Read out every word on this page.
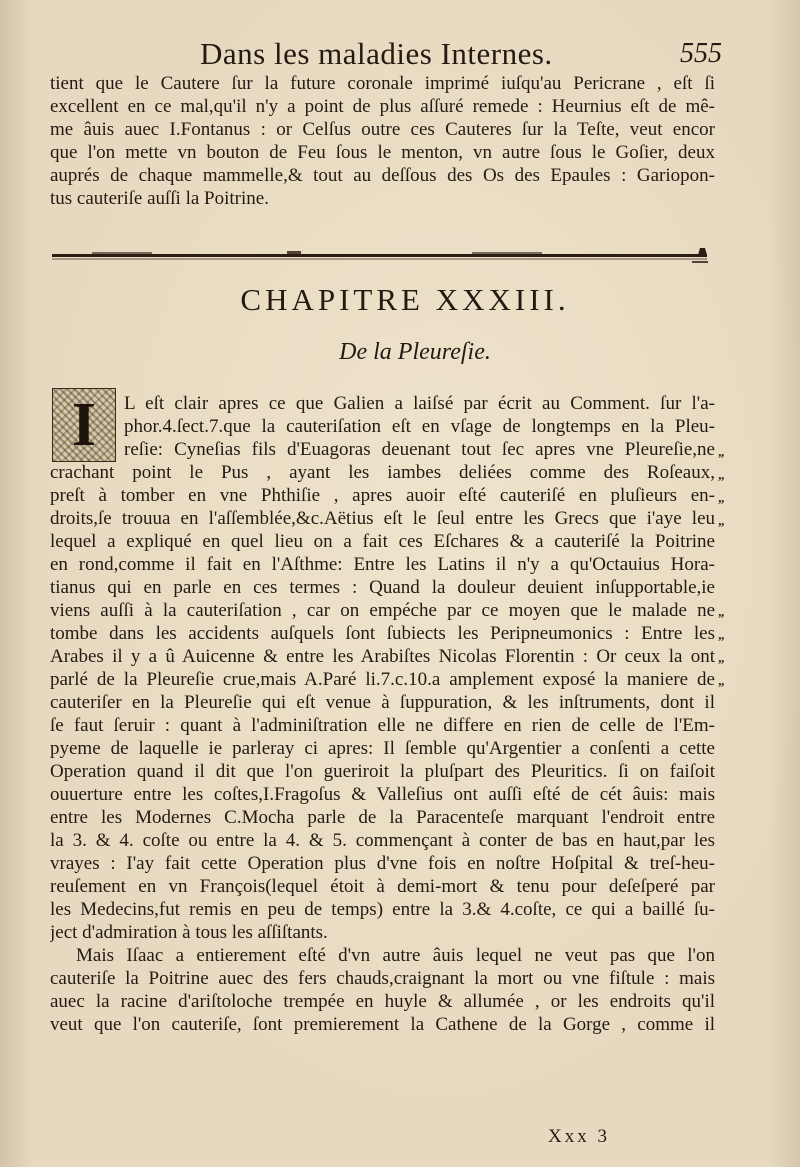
Dans les maladies Internes.	555
tient que le Cautere ſur la future coronale imprimé iuſqu'au Pericrane , eſt ſi
excellent en ce mal,qu'il n'y a point de plus aſſuré remede : Heurnius eſt de mê-
me âuis auec I.Fontanus : or Celſus outre ces Cauteres ſur la Teſte, veut encor
que l'on mette vn bouton de Feu ſous le menton, vn autre ſous le Goſier, deux
auprés de chaque mammelle,& tout au deſſous des Os des Epaules : Gariopon-
tus cauteriſe auſſi la Poitrine.
CHAPITRE XXXIII.
De la Pleureſie.
I	L eſt clair apres ce que Galien a laiſsé par écrit au Comment. ſur l'a-
phor.4.ſect.7.que la cauteriſation eſt en vſage de longtemps en la Pleu-
reſie: Cyneſias fils d'Euagoras deuenant tout ſec apres vne Pleureſie,ne
crachant point le Pus , ayant les iambes deliées comme des Roſeaux,
preſt à tomber en vne Phthiſie , apres auoir eſté cauteriſé en pluſieurs en-
droits,ſe trouua en l'aſſemblée,&c.Aëtius eſt le ſeul entre les Grecs que i'aye leu
lequel a expliqué en quel lieu on a fait ces Eſchares & a cauteriſé la Poitrine
en rond,comme il fait en l'Aſthme: Entre les Latins il n'y a qu'Octauius Hora-
tianus qui en parle en ces termes : Quand la douleur deuient inſupportable,ie
viens auſſi à la cauteriſation , car on empéche par ce moyen que le malade ne
tombe dans les accidents auſquels ſont ſubiects les Peripneumonics : Entre les
Arabes il y a û Auicenne & entre les Arabiſtes Nicolas Florentin : Or ceux la ont
parlé de la Pleureſie crue,mais A.Paré li.7.c.10.a amplement exposé la maniere de
cauteriſer en la Pleureſie qui eſt venue à ſuppuration, & les inſtruments, dont il
ſe faut ſeruir : quant à l'adminiſtration elle ne differe en rien de celle de l'Em-
pyeme de laquelle ie parleray ci apres: Il ſemble qu'Argentier a conſenti a cette
Operation quand il dit que l'on gueriroit la pluſpart des Pleuritics. ſi on faiſoit
ouuerture entre les coſtes,I.Fragoſus & Valleſius ont auſſi eſté de cét âuis: mais
entre les Modernes C.Mocha parle de la Paracenteſe marquant l'endroit entre
la 3. & 4. coſte ou entre la 4. & 5. commençant à conter de bas en haut,par les
vrayes : I'ay fait cette Operation plus d'vne fois en noſtre Hoſpital & treſ-heu-
reuſement en vn François(lequel étoit à demi-mort & tenu pour deſeſperé par
les Medecins,fut remis en peu de temps) entre la 3.& 4.coſte, ce qui a baillé ſu-
ject d'admiration à tous les aſſiſtants.
Mais Iſaac a entierement eſté d'vn autre âuis lequel ne veut pas que l'on
cauteriſe la Poitrine auec des fers chauds,craignant la mort ou vne fiſtule : mais
auec la racine d'ariſtoloche trempée en huyle & allumée , or les endroits qu'il
veut que l'on cauteriſe, ſont premierement la Cathene de la Gorge , comme il
„
„
„
„
„
„
„
„
Xxx 3
